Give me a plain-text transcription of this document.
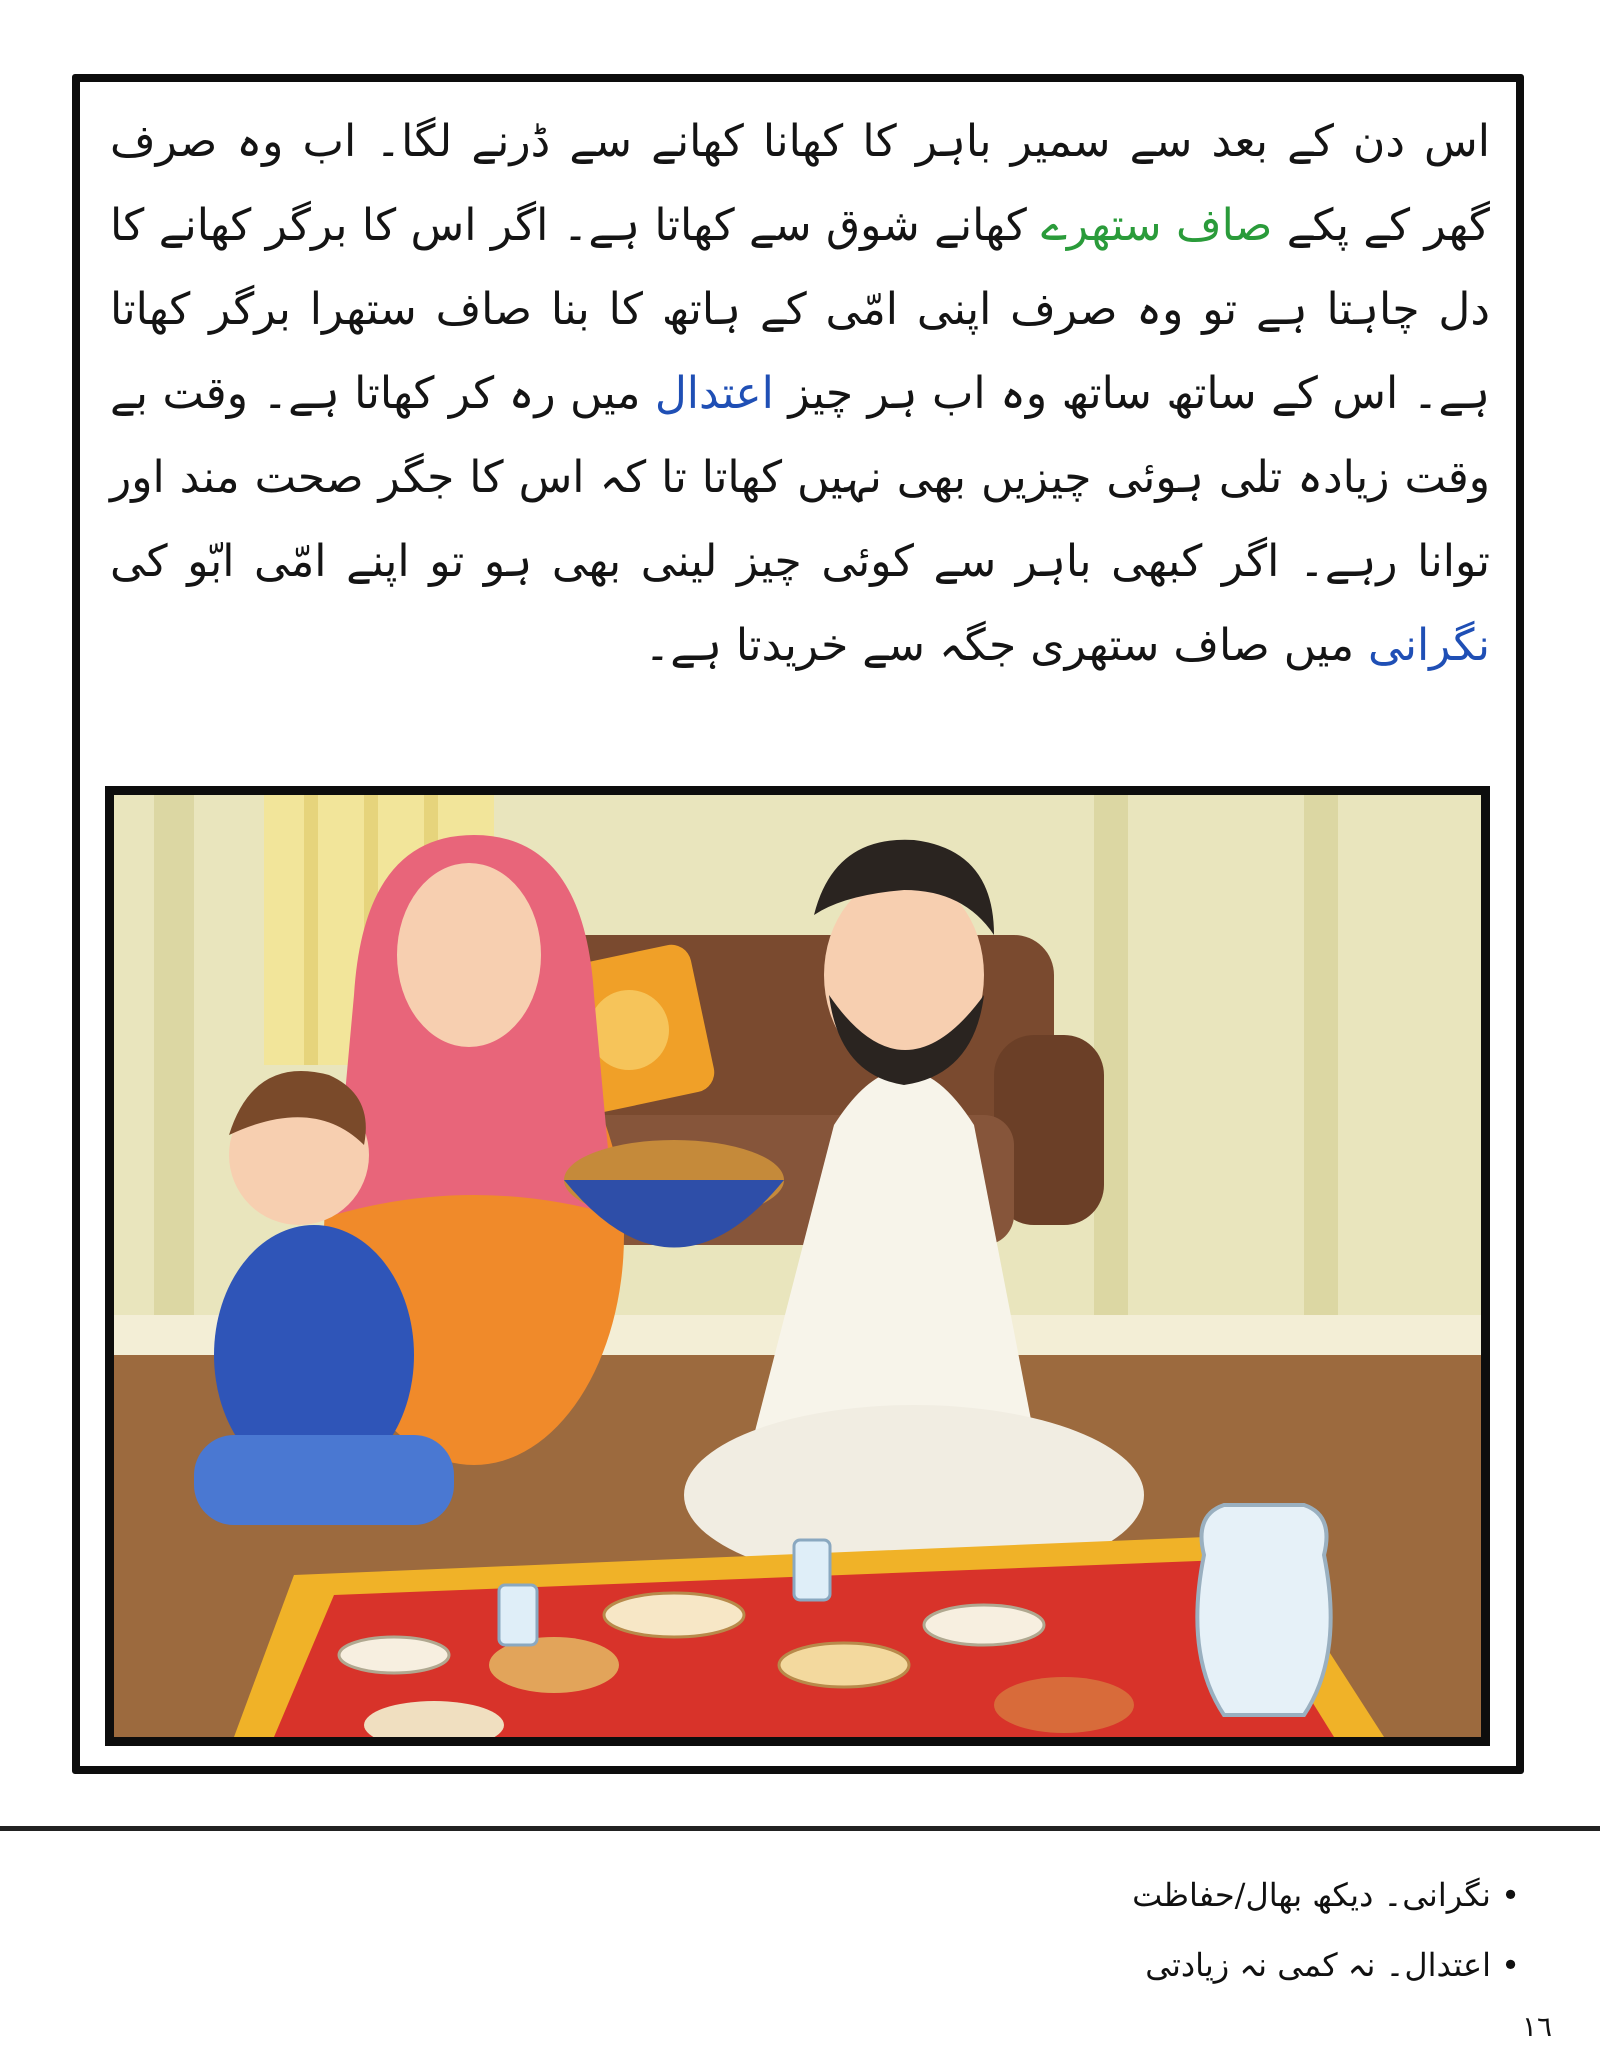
اس دن کے بعد سے سمیر باہر کا کھانا کھانے سے ڈرنے لگا۔ اب وہ صرف گھر کے پکے صاف ستھرے کھانے شوق سے کھاتا ہے۔ اگر اس کا برگر کھانے کا دل چاہتا ہے تو وہ صرف اپنی امّی کے ہاتھ کا بنا صاف ستھرا برگر کھاتا ہے۔ اس کے ساتھ ساتھ وہ اب ہر چیز اعتدال میں رہ کر کھاتا ہے۔ وقت بے وقت زیادہ تلی ہوئی چیزیں بھی نہیں کھاتا تا کہ اس کا جگر صحت مند اور توانا رہے۔ اگر کبھی باہر سے کوئی چیز لینی بھی ہو تو اپنے امّی ابّو کی نگرانی میں صاف ستھری جگہ سے خریدتا ہے۔
• نگرانی۔ دیکھ بھال/حفاظت
• اعتدال۔ نہ کمی نہ زیادتی
١٦
